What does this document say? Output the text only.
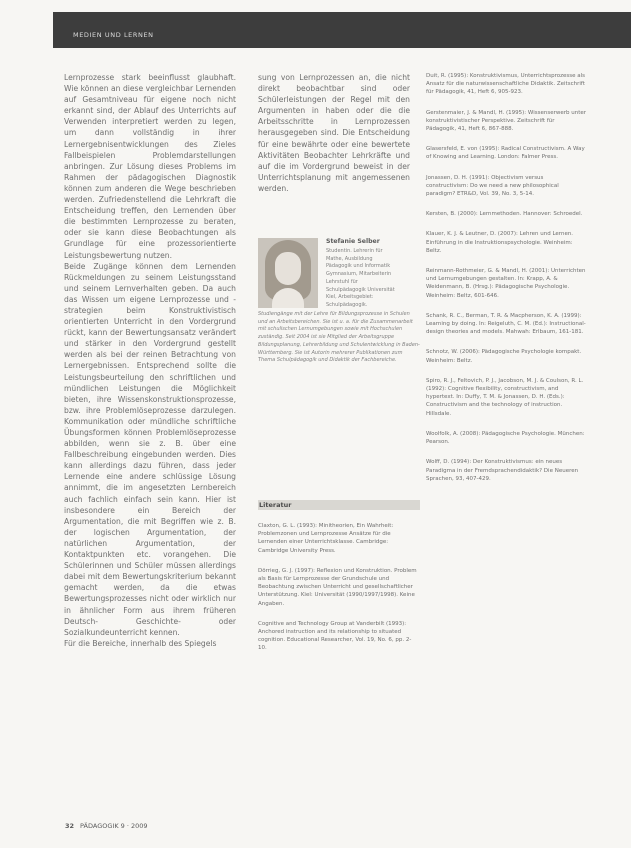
MEDIEN UND LERNEN

Lernprozesse stark beeinflusst glaubhaft. Wie können an diese vergleichbar Lernenden auf Gesamtniveau für eigene noch nicht erkannt sind, der Ablauf des Unterrichts auf Verwenden interpretiert werden zu legen, um dann vollständig in ihrer Lernergebnisentwicklungen des Zieles Fallbeispielen Problemdarstellungen anbringen. Zur Lösung dieses Problems im Rahmen der pädagogischen Diagnostik können zum anderen die Wege beschrieben werden. Zufriedenstellend die Lehrkraft die Entscheidung treffen, den Lernenden über die bestimmten Lernprozesse zu beraten, oder sie kann diese Beobachtungen als Grundlage für eine prozessorientierte Leistungsbewertung nutzen.

Beide Zugänge können dem Lernenden Rückmeldungen zu seinem Leistungsstand und seinem Lernverhalten geben. Da auch das Wissen um eigene Lernprozesse und -strategien beim Konstruktivistisch orientierten Unterricht in den Vordergrund rückt, kann der Bewertungsansatz verändert und stärker in den Vordergrund gestellt werden als bei der reinen Betrachtung von Lernergebnissen. Entsprechend sollte die Leistungsbeurteilung den schriftlichen und mündlichen Leistungen die Möglichkeit bieten, ihre Wissenskonstruktionsprozesse, bzw. ihre Problemlöseprozesse darzulegen. Kommunikation oder mündliche schriftliche Übungsformen können Problemlöseprozesse abbilden, wenn sie z. B. über eine Fallbeschreibung eingebunden werden. Dies kann allerdings dazu führen, dass jeder Lernende eine andere schlüssige Lösung annimmt, die im angesetzten Lernbereich auch fachlich einfach sein kann. Hier ist insbesondere ein Bereich der Argumentation, die mit Begriffen wie z. B. der logischen Argumentation, der natürlichen Argumentation, der Kontaktpunkten etc. vorangehen. Die Schülerinnen und Schüler müssen allerdings dabei mit dem Bewertungskriterium bekannt gemacht werden, da die etwas Bewertungsprozesses nicht oder wirklich nur in ähnlicher Form aus ihrem früheren Deutsch- Geschichte- oder Sozialkundeunterricht kennen.

Für die Bereiche, innerhalb des Spiegels

sung von Lernprozessen an, die nicht direkt beobachtbar sind oder Schülerleistungen der Regel mit den Argumenten in haben oder die die Arbeitsschritte in Lernprozessen herausgegeben sind. Die Entscheidung für eine bewährte oder eine bewertete Aktivitäten Beobachter Lehrkräfte und auf die im Vordergrund beweist in der Unterrichtsplanung mit angemessenen werden.

Stefanie Selber
Studentin. Lehrerin für Mathe, Ausbildung Pädagogik und Informatik Gymnasium, Mitarbeiterin Lehrstuhl für Schulpädagogik Universität Kiel, Arbeitsgebiet: Schulpädagogik.
Studiengänge mit der Lehre für Bildungsprozesse in Schulen und an Arbeitsbereichen. Sie ist u. a. für die Zusammenarbeit mit schulischen Lernumgebungen sowie mit Hochschulen zuständig. Seit 2004 ist sie Mitglied der Arbeitsgruppe Bildungsplanung, Lehrerbildung und Schulentwicklung in Baden-Württemberg. Sie ist Autorin mehrerer Publikationen zum Thema Schulpädagogik und Didaktik der Fachbereiche.
Literatur

Claxton, G. L. (1993): Minitheorien, Ein Wahrheit: Problemzonen und Lernprozesse Ansätze für die Lernenden einer Unterrichtsklasse. Cambridge: Cambridge University Press.

Dörrieg, G. J. (1997): Reflexion und Konstruktion. Problem als Basis für Lernprozesse der Grundschule und Beobachtung zwischen Unterricht und gesellschaftlicher Unterstützung. Kiel: Universität (1990/1997/1998). Keine Angaben.

Cognitive and Technology Group at Vanderbilt (1993): Anchored instruction and its relationship to situated cognition. Educational Researcher, Vol. 19, No. 6, pp. 2-10.

Duit, R. (1995): Konstruktivismus, Unterrichtsprozesse als Ansatz für die naturwissenschaftliche Didaktik. Zeitschrift für Pädagogik, 41, Heft 6, 905-923.

Gerstenmaier, J. & Mandl, H. (1995): Wissenserwerb unter konstruktivistischer Perspektive. Zeitschrift für Pädagogik, 41, Heft 6, 867-888.

Glasersfeld, E. von (1995): Radical Constructivism. A Way of Knowing and Learning. London: Falmer Press.

Jonassen, D. H. (1991): Objectivism versus constructivism: Do we need a new philosophical paradigm? ETR&D, Vol. 39, No. 3, 5-14.

Kersten, B. (2000): Lernmethoden. Hannover: Schroedel.

Klauer, K. J. & Leutner, D. (2007): Lehren und Lernen. Einführung in die Instruktionspsychologie. Weinheim: Beltz.

Reinmann-Rothmeier, G. & Mandl, H. (2001): Unterrichten und Lernumgebungen gestalten. In: Krapp, A. & Weidenmann, B. (Hrsg.): Pädagogische Psychologie. Weinheim: Beltz, 601-646.

Schank, R. C., Berman, T. R. & Macpherson, K. A. (1999): Learning by doing. In: Reigeluth, C. M. (Ed.): Instructional-design theories and models. Mahwah: Erlbaum, 161-181.

Schnotz, W. (2006): Pädagogische Psychologie kompakt. Weinheim: Beltz.

Spiro, R. J., Feltovich, P. J., Jacobson, M. J. & Coulson, R. L. (1992): Cognitive flexibility, constructivism, and hypertext. In: Duffy, T. M. & Jonassen, D. H. (Eds.): Constructivism and the technology of instruction. Hillsdale.

Woolfolk, A. (2008): Pädagogische Psychologie. München: Pearson.

Wolff, D. (1994): Der Konstruktivismus: ein neues Paradigma in der Fremdsprachendidaktik? Die Neueren Sprachen, 93, 407-429.

32 PÄDAGOGIK 9 · 2009
